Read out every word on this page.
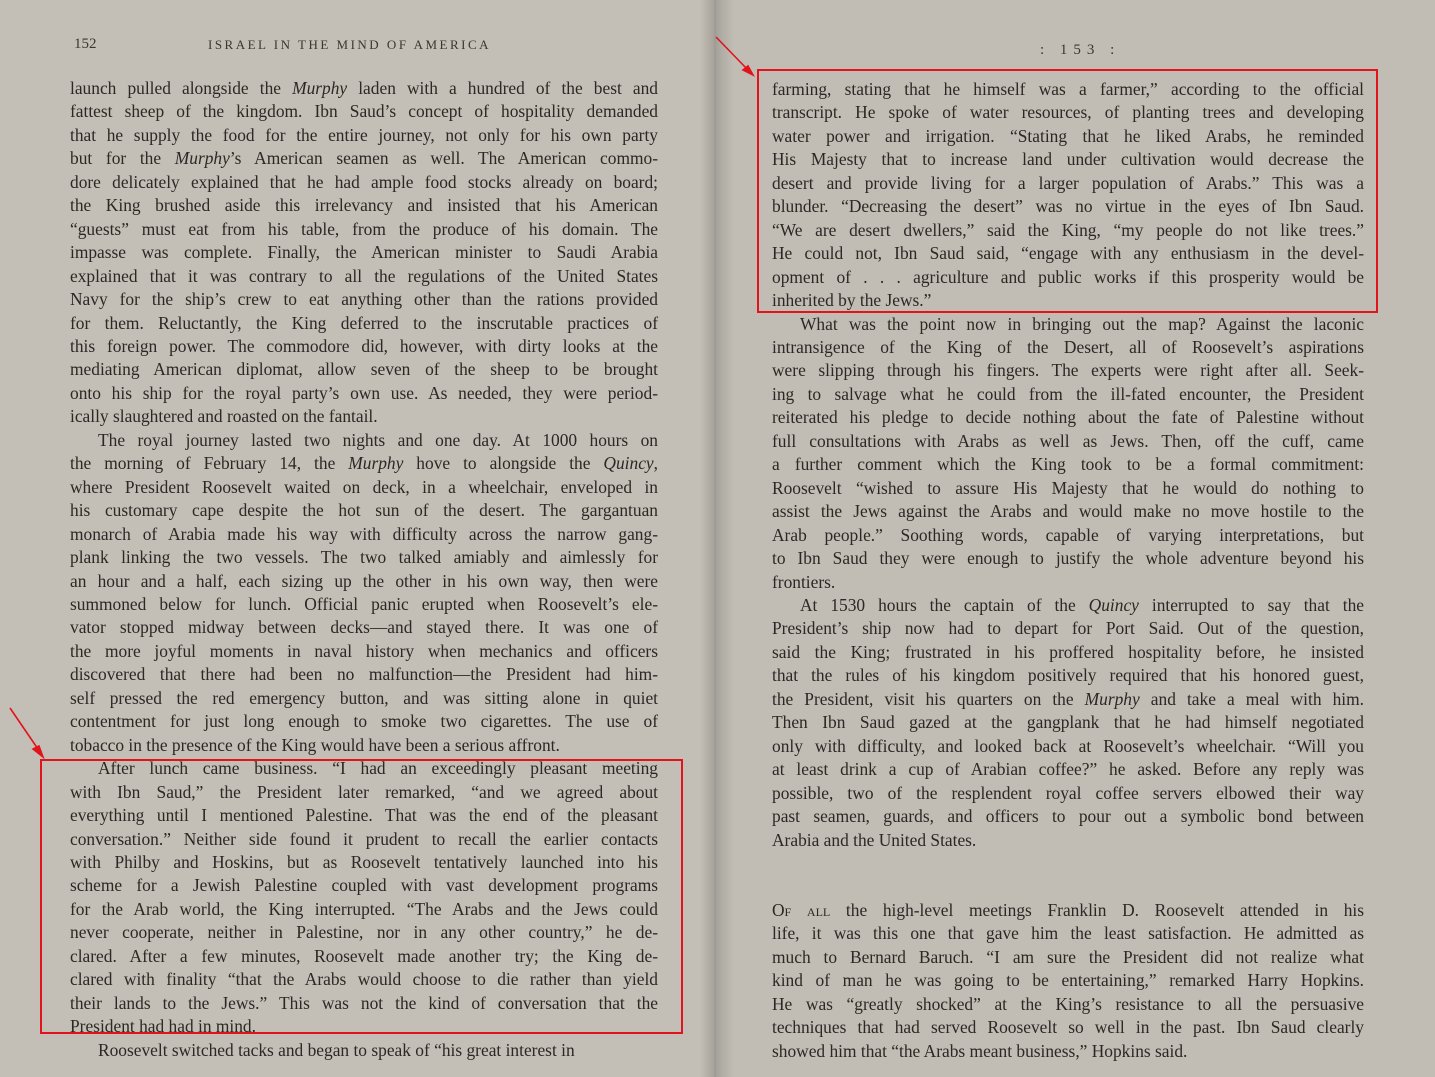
152	ISRAEL IN THE MIND OF AMERICA
launch pulled alongside the Murphy laden with a hundred of the best and
fattest sheep of the kingdom. Ibn Saud’s concept of hospitality demanded
that he supply the food for the entire journey, not only for his own party
but for the Murphy’s American seamen as well. The American commo-
dore delicately explained that he had ample food stocks already on board;
the King brushed aside this irrelevancy and insisted that his American
“guests” must eat from his table, from the produce of his domain. The
impasse was complete. Finally, the American minister to Saudi Arabia
explained that it was contrary to all the regulations of the United States
Navy for the ship’s crew to eat anything other than the rations provided
for them. Reluctantly, the King deferred to the inscrutable practices of
this foreign power. The commodore did, however, with dirty looks at the
mediating American diplomat, allow seven of the sheep to be brought
onto his ship for the royal party’s own use. As needed, they were period-
ically slaughtered and roasted on the fantail.
The royal journey lasted two nights and one day. At 1000 hours on
the morning of February 14, the Murphy hove to alongside the Quincy,
where President Roosevelt waited on deck, in a wheelchair, enveloped in
his customary cape despite the hot sun of the desert. The gargantuan
monarch of Arabia made his way with difficulty across the narrow gang-
plank linking the two vessels. The two talked amiably and aimlessly for
an hour and a half, each sizing up the other in his own way, then were
summoned below for lunch. Official panic erupted when Roosevelt’s ele-
vator stopped midway between decks—and stayed there. It was one of
the more joyful moments in naval history when mechanics and officers
discovered that there had been no malfunction—the President had him-
self pressed the red emergency button, and was sitting alone in quiet
contentment for just long enough to smoke two cigarettes. The use of
tobacco in the presence of the King would have been a serious affront.
After lunch came business. “I had an exceedingly pleasant meeting
with Ibn Saud,” the President later remarked, “and we agreed about
everything until I mentioned Palestine. That was the end of the pleasant
conversation.” Neither side found it prudent to recall the earlier contacts
with Philby and Hoskins, but as Roosevelt tentatively launched into his
scheme for a Jewish Palestine coupled with vast development programs
for the Arab world, the King interrupted. “The Arabs and the Jews could
never cooperate, neither in Palestine, nor in any other country,” he de-
clared. After a few minutes, Roosevelt made another try; the King de-
clared with finality “that the Arabs would choose to die rather than yield
their lands to the Jews.” This was not the kind of conversation that the
President had had in mind.
Roosevelt switched tacks and began to speak of “his great interest in
farming, stating that he himself was a farmer,” according to the official
transcript. He spoke of water resources, of planting trees and developing
water power and irrigation. “Stating that he liked Arabs, he reminded
His Majesty that to increase land under cultivation would decrease the
desert and provide living for a larger population of Arabs.” This was a
blunder. “Decreasing the desert” was no virtue in the eyes of Ibn Saud.
“We are desert dwellers,” said the King, “my people do not like trees.”
He could not, Ibn Saud said, “engage with any enthusiasm in the devel-
opment of . . . agriculture and public works if this prosperity would be
inherited by the Jews.”
What was the point now in bringing out the map? Against the laconic
intransigence of the King of the Desert, all of Roosevelt’s aspirations
were slipping through his fingers. The experts were right after all. Seek-
ing to salvage what he could from the ill-fated encounter, the President
reiterated his pledge to decide nothing about the fate of Palestine without
full consultations with Arabs as well as Jews. Then, off the cuff, came
a further comment which the King took to be a formal commitment:
Roosevelt “wished to assure His Majesty that he would do nothing to
assist the Jews against the Arabs and would make no move hostile to the
Arab people.” Soothing words, capable of varying interpretations, but
to Ibn Saud they were enough to justify the whole adventure beyond his
frontiers.
At 1530 hours the captain of the Quincy interrupted to say that the
President’s ship now had to depart for Port Said. Out of the question,
said the King; frustrated in his proffered hospitality before, he insisted
that the rules of his kingdom positively required that his honored guest,
the President, visit his quarters on the Murphy and take a meal with him.
Then Ibn Saud gazed at the gangplank that he had himself negotiated
only with difficulty, and looked back at Roosevelt’s wheelchair. “Will you
at least drink a cup of Arabian coffee?” he asked. Before any reply was
possible, two of the resplendent royal coffee servers elbowed their way
past seamen, guards, and officers to pour out a symbolic bond between
Arabia and the United States.
Of all the high-level meetings Franklin D. Roosevelt attended in his
life, it was this one that gave him the least satisfaction. He admitted as
much to Bernard Baruch. “I am sure the President did not realize what
kind of man he was going to be entertaining,” remarked Harry Hopkins.
He was “greatly shocked” at the King’s resistance to all the persuasive
techniques that had served Roosevelt so well in the past. Ibn Saud clearly
showed him that “the Arabs meant business,” Hopkins said.
: 153 :
